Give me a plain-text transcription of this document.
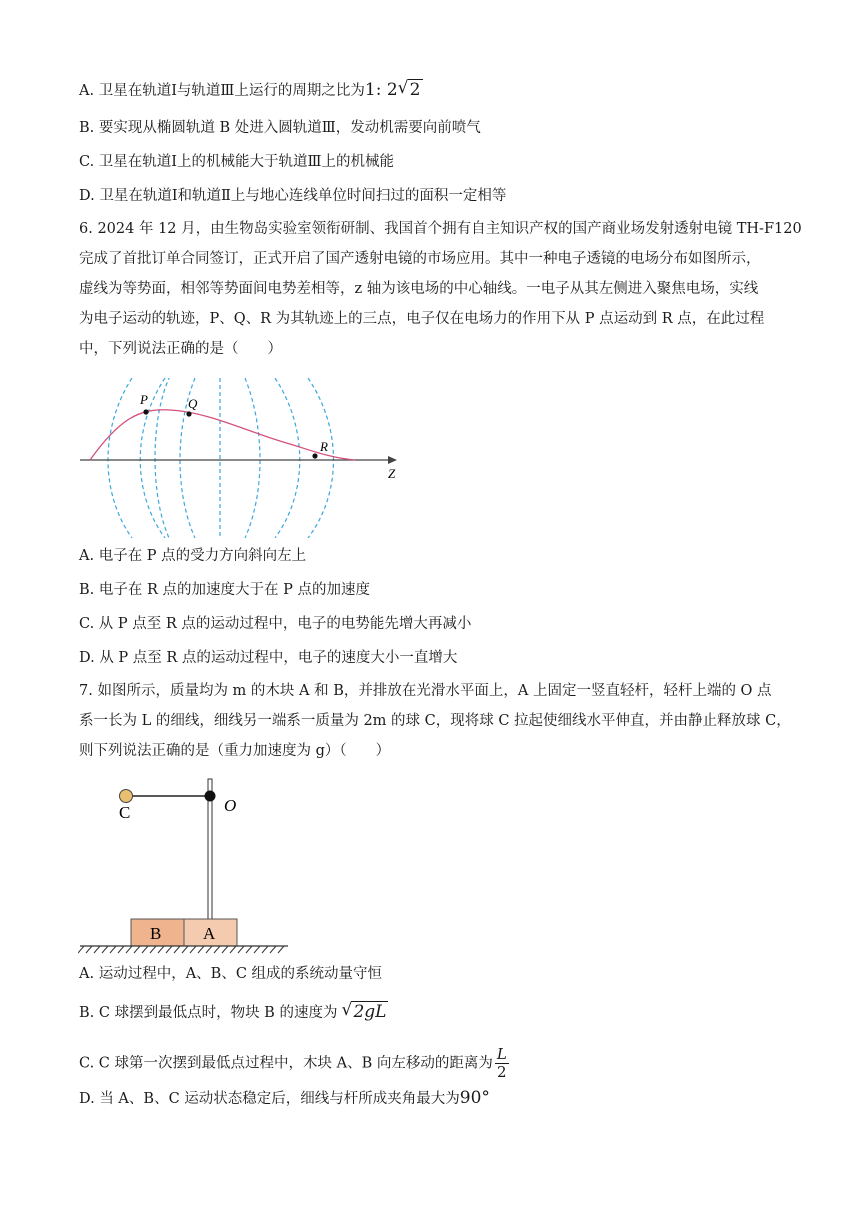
A. 卫星在轨道Ⅰ与轨道Ⅲ上运行的周期之比为1: 2 √ 2
B. 要实现从椭圆轨道 B 处进入圆轨道Ⅲ，发动机需要向前喷气
C. 卫星在轨道Ⅰ上的机械能大于轨道Ⅲ上的机械能
D. 卫星在轨道Ⅰ和轨道Ⅱ上与地心连线单位时间扫过的面积一定相等
6. 2024 年 12 月，由生物岛实验室领衔研制、我国首个拥有自主知识产权的国产商业场发射透射电镜 TH-F120
完成了首批订单合同签订，正式开启了国产透射电镜的市场应用。其中一种电子透镜的电场分布如图所示，
虚线为等势面，相邻等势面间电势差相等，z 轴为该电场的中心轴线。一电子从其左侧进入聚焦电场，实线
为电子运动的轨迹，P、Q、R 为其轨迹上的三点，电子仅在电场力的作用下从 P 点运动到 R 点，在此过程
中，下列说法正确的是（　　）
P	Q
R
Z
A. 电子在 P 点的受力方向斜向左上
B. 电子在 R 点的加速度大于在 P 点的加速度
C. 从 P 点至 R 点的运动过程中，电子的电势能先增大再减小
D. 从 P 点至 R 点的运动过程中，电子的速度大小一直增大
7. 如图所示，质量均为 m 的木块 A 和 B，并排放在光滑水平面上，A 上固定一竖直轻杆，轻杆上端的 O 点
系一长为 L 的细线，细线另一端系一质量为 2m 的球 C，现将球 C 拉起使细线水平伸直，并由静止释放球 C，
则下列说法正确的是（重力加速度为 g）（　　）
C	O
B A
A. 运动过程中，A、B、C 组成的系统动量守恒
B. C 球摆到最低点时，物块 B 的速度为 √ 2gL
C. C 球第一次摆到最低点过程中，木块 A、B 向左移动的距离为 $\frac{L}{2}$
D. 当 A、B、C 运动状态稳定后，细线与杆所成夹角最大为90°
